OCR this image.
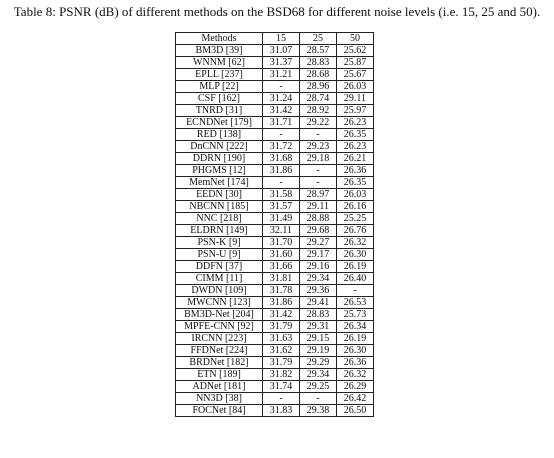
Table 8: PSNR (dB) of different methods on the BSD68 for different noise levels (i.e. 15, 25 and 50).
Methods	15	25	50
BM3D [39]	31.07	28.57	25.62
WNNM [62]	31.37	28.83	25.87
EPLL [237]	31.21	28.68	25.67
MLP [22]	-	28.96	26.03
CSF [162]	31.24	28.74	29.11
TNRD [31]	31.42	28.92	25.97
ECNDNet [179]	31.71	29.22	26.23
RED [138]	-	-	26.35
DnCNN [222]	31.72	29.23	26.23
DDRN [190]	31.68	29.18	26.21
PHGMS [12]	31.86	-	26.36
MemNet [174]	-	-	26.35
EEDN [30]	31.58	28.97	26.03
NBCNN [185]	31.57	29.11	26.16
NNC [218]	31.49	28.88	25.25
ELDRN [149]	32.11	29.68	26.76
PSN-K [9]	31.70	29.27	26.32
PSN-U [9]	31.60	29.17	26.30
DDFN [37]	31.66	29.16	26.19
CIMM [11]	31.81	29.34	26.40
DWDN [109]	31.78	29.36	-
MWCNN [123]	31.86	29.41	26.53
BM3D-Net [204]	31.42	28.83	25.73
MPFE-CNN [92]	31.79	29.31	26.34
IRCNN [223]	31.63	29.15	26.19
FFDNet [224]	31.62	29.19	26.30
BRDNet [182]	31.79	29.29	26.36
ETN [189]	31.82	29.34	26.32
ADNet [181]	31.74	29.25	26.29
NN3D [38]	-	-	26.42
FOCNet [84]	31.83	29.38	26.50
